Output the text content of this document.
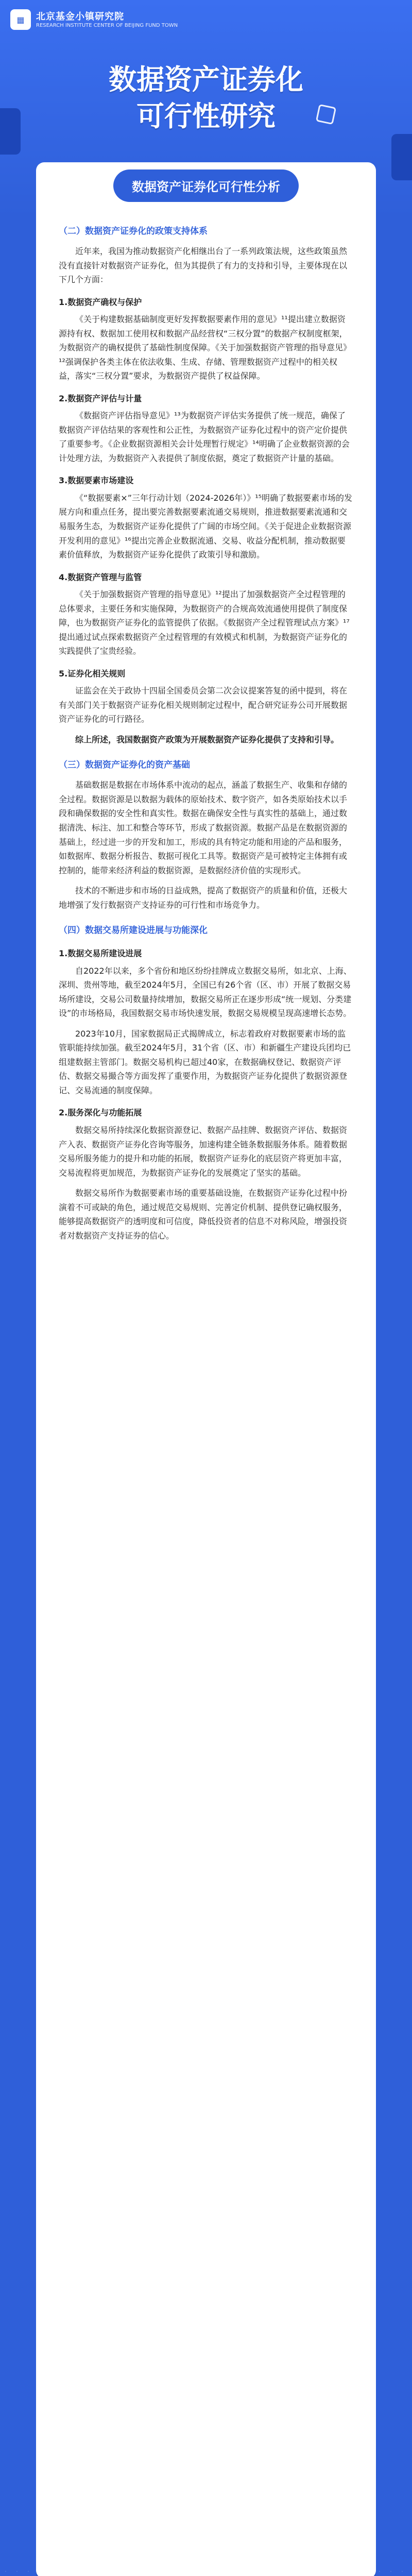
▦	北京基金小镇研究院
RESEARCH INSTITUTE CENTER OF BEIJING FUND TOWN
数据资产证券化
可行性研究
数据资产证券化可行性分析
（二）数据资产证券化的政策支持体系

近年来，我国为推动数据资产化相继出台了一系列政策法规，这些政策虽然没有直接针对数据资产证券化，但为其提供了有力的支持和引导，主要体现在以下几个方面：

1.数据资产确权与保护

《关于构建数据基础制度更好发挥数据要素作用的意见》¹¹提出建立数据资源持有权、数据加工使用权和数据产品经营权“三权分置”的数据产权制度框架，为数据资产的确权提供了基础性制度保障。《关于加强数据资产管理的指导意见》¹²强调保护各类主体在依法收集、生成、存储、管理数据资产过程中的相关权益，落实“三权分置”要求，为数据资产提供了权益保障。

2.数据资产评估与计量

《数据资产评估指导意见》¹³为数据资产评估实务提供了统一规范，确保了数据资产评估结果的客观性和公正性，为数据资产证券化过程中的资产定价提供了重要参考。《企业数据资源相关会计处理暂行规定》¹⁴明确了企业数据资源的会计处理方法，为数据资产入表提供了制度依据，奠定了数据资产计量的基础。

3.数据要素市场建设

《“数据要素×”三年行动计划（2024-2026年）》¹⁵明确了数据要素市场的发展方向和重点任务，提出要完善数据要素流通交易规则，推进数据要素流通和交易服务生态，为数据资产证券化提供了广阔的市场空间。《关于促进企业数据资源开发利用的意见》¹⁶提出完善企业数据流通、交易、收益分配机制，推动数据要素价值释放，为数据资产证券化提供了政策引导和激励。

4.数据资产管理与监管

《关于加强数据资产管理的指导意见》¹²提出了加强数据资产全过程管理的总体要求，主要任务和实施保障，为数据资产的合规高效流通使用提供了制度保障，也为数据资产证券化的监管提供了依据。《数据资产全过程管理试点方案》¹⁷提出通过试点探索数据资产全过程管理的有效模式和机制，为数据资产证券化的实践提供了宝贵经验。

5.证券化相关规则

证监会在关于政协十四届全国委员会第二次会议提案答复的函中提到，将在有关部门关于数据资产证券化相关规则制定过程中，配合研究证券公司开展数据资产证券化的可行路径。

综上所述，我国数据资产政策为开展数据资产证券化提供了支持和引导。

（三）数据资产证券化的资产基础

基础数据是数据在市场体系中流动的起点，涵盖了数据生产、收集和存储的全过程。数据资源是以数据为载体的原始技术、数字资产，如各类原始技术以手段和确保数据的安全性和真实性。数据在确保安全性与真实性的基础上，通过数据清洗、标注、加工和整合等环节，形成了数据资源。数据产品是在数据资源的基础上，经过进一步的开发和加工，形成的具有特定功能和用途的产品和服务，如数据库、数据分析报告、数据可视化工具等。数据资产是可被特定主体拥有或控制的，能带来经济利益的数据资源，是数据经济价值的实现形式。

技术的不断进步和市场的日益成熟，提高了数据资产的质量和价值，还极大地增强了发行数据资产支持证券的可行性和市场竞争力。

（四）数据交易所建设进展与功能深化

1.数据交易所建设进展

自2022年以来，多个省份和地区纷纷挂牌成立数据交易所，如北京、上海、深圳、贵州等地，截至2024年5月，全国已有26个省（区、市）开展了数据交易场所建设，交易公司数量持续增加，数据交易所正在逐步形成“统一规划、分类建设”的市场格局，我国数据交易市场快速发展，数据交易规模呈现高速增长态势。

2023年10月，国家数据局正式揭牌成立，标志着政府对数据要素市场的监管职能持续加强。截至2024年5月，31个省（区、市）和新疆生产建设兵团均已组建数据主管部门。数据交易机构已超过40家，在数据确权登记、数据资产评估、数据交易撮合等方面发挥了重要作用，为数据资产证券化提供了数据资源登记、交易流通的制度保障。

2.服务深化与功能拓展

数据交易所持续深化数据资源登记、数据产品挂牌、数据资产评估、数据资产入表、数据资产证券化咨询等服务，加速构建全链条数据服务体系。随着数据交易所服务能力的提升和功能的拓展，数据资产证券化的底层资产将更加丰富，交易流程将更加规范，为数据资产证券化的发展奠定了坚实的基础。

数据交易所作为数据要素市场的重要基础设施，在数据资产证券化过程中扮演着不可或缺的角色，通过规范交易规则、完善定价机制、提供登记确权服务，能够提高数据资产的透明度和可信度，降低投资者的信息不对称风险，增强投资者对数据资产支持证券的信心。
